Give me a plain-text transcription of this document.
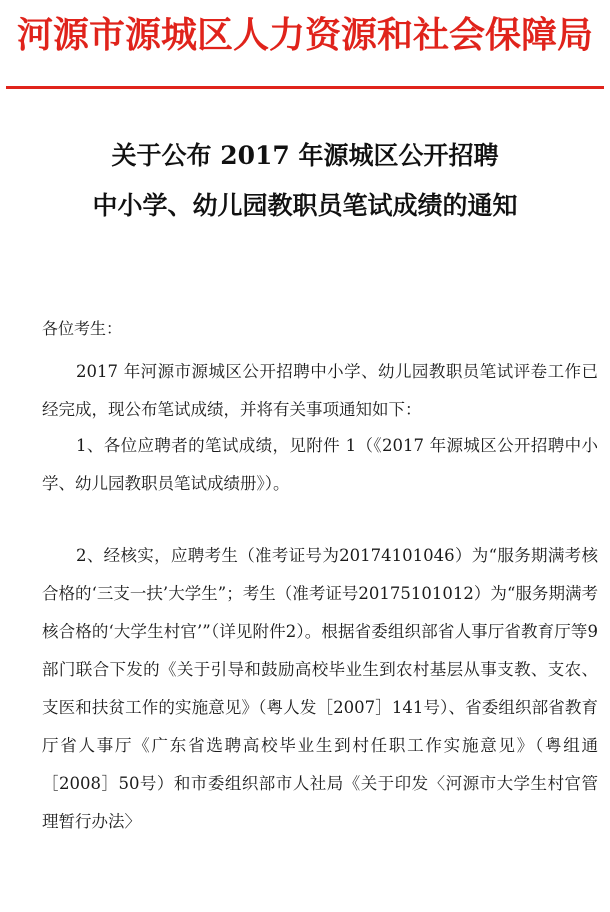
河源市源城区人力资源和社会保障局
关于公布 2017 年源城区公开招聘
中小学、幼儿园教职员笔试成绩的通知
各位考生：
2017 年河源市源城区公开招聘中小学、幼儿园教职员笔试评卷工作已经完成，现公布笔试成绩，并将有关事项通知如下：
1、各位应聘者的笔试成绩，见附件 1（《2017 年源城区公开招聘中小学、幼儿园教职员笔试成绩册》）。
2、经核实，应聘考生（准考证号为20174101046）为“服务期满考核合格的‘三支一扶’大学生”；考生（准考证号20175101012）为“服务期满考核合格的‘大学生村官’”（详见附件2）。根据省委组织部省人事厅省教育厅等9部门联合下发的《关于引导和鼓励高校毕业生到农村基层从事支教、支农、支医和扶贫工作的实施意见》（粤人发［2007］141号）、省委组织部省教育厅省人事厅《广东省选聘高校毕业生到村任职工作实施意见》（粤组通［2008］50号）和市委组织部市人社局《关于印发〈河源市大学生村官管理暂行办法〉
